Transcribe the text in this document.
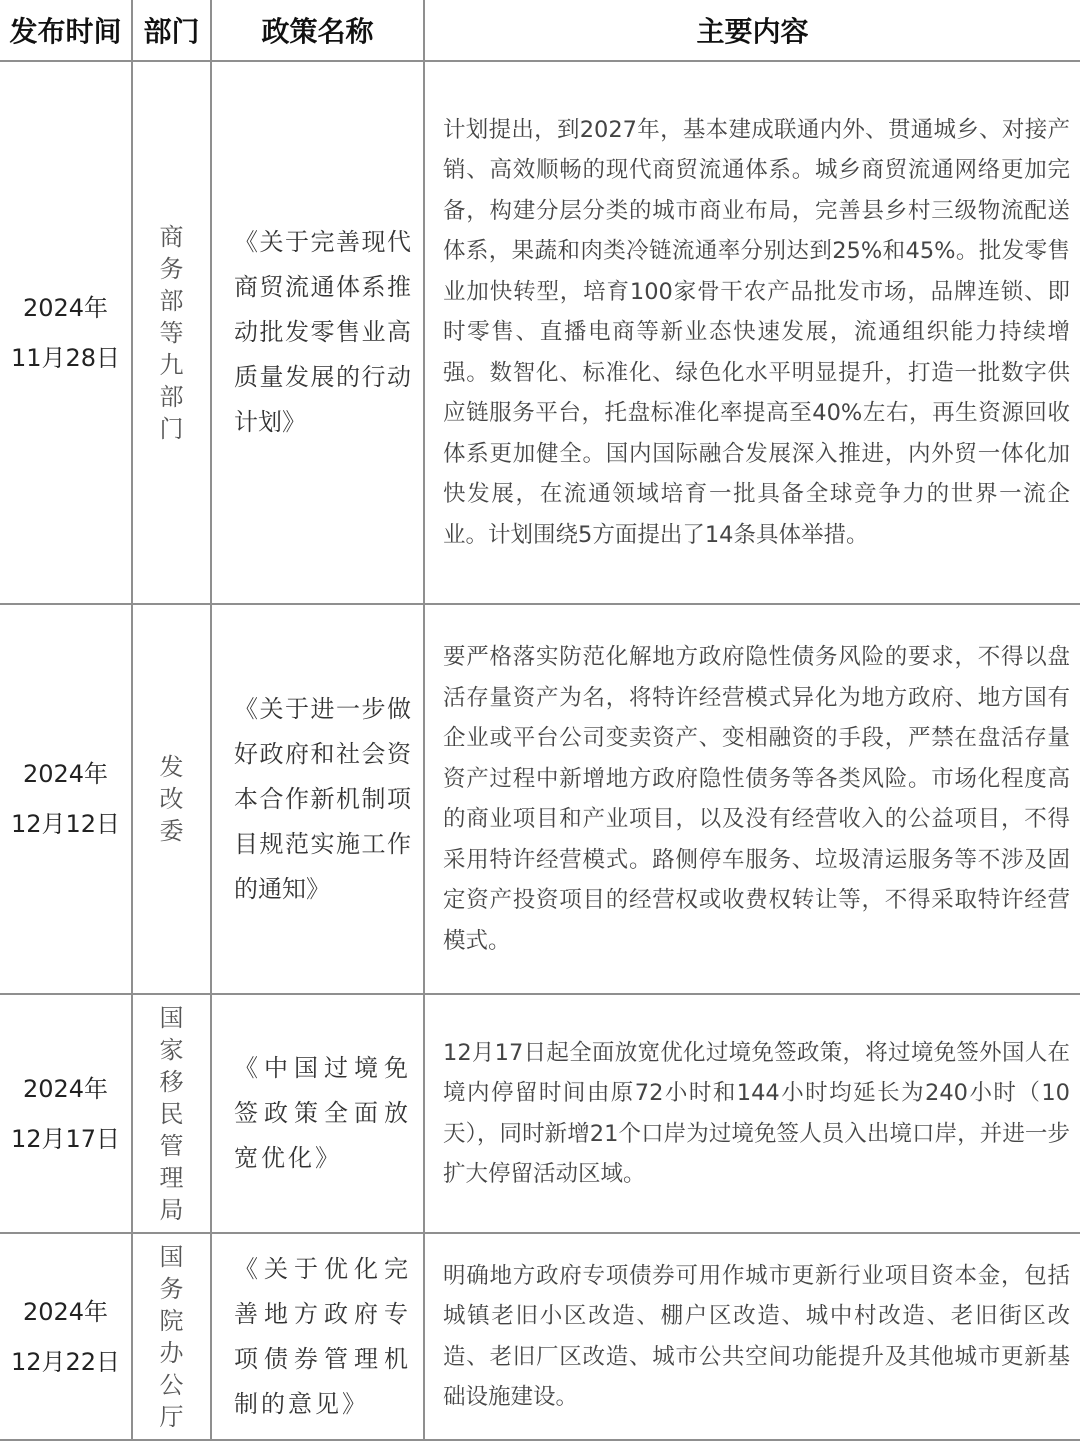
发布时间	部门	政策名称	主要内容

2024年
11月28日	商务部等九部门	《关于完善现代商贸流通体系推动批发零售业高质量发展的行动计划》	计划提出，到2027年，基本建成联通内外、贯通城乡、对接产销、高效顺畅的现代商贸流通体系。城乡商贸流通网络更加完备，构建分层分类的城市商业布局，完善县乡村三级物流配送体系，果蔬和肉类冷链流通率分别达到25%和45%。批发零售业加快转型，培育100家骨干农产品批发市场，品牌连锁、即时零售、直播电商等新业态快速发展，流通组织能力持续增强。数智化、标准化、绿色化水平明显提升，打造一批数字供应链服务平台，托盘标准化率提高至40%左右，再生资源回收体系更加健全。国内国际融合发展深入推进，内外贸一体化加快发展，在流通领域培育一批具备全球竞争力的世界一流企业。计划围绕5方面提出了14条具体举措。

2024年
12月12日	发改委	《关于进一步做好政府和社会资本合作新机制项目规范实施工作的通知》	要严格落实防范化解地方政府隐性债务风险的要求，不得以盘活存量资产为名，将特许经营模式异化为地方政府、地方国有企业或平台公司变卖资产、变相融资的手段，严禁在盘活存量资产过程中新增地方政府隐性债务等各类风险。市场化程度高的商业项目和产业项目，以及没有经营收入的公益项目，不得采用特许经营模式。路侧停车服务、垃圾清运服务等不涉及固定资产投资项目的经营权或收费权转让等，不得采取特许经营模式。

2024年
12月17日	国家移民管理局	《中国过境免签政策全面放宽优化》	12月17日起全面放宽优化过境免签政策，将过境免签外国人在境内停留时间由原72小时和144小时均延长为240小时（10天），同时新增21个口岸为过境免签人员入出境口岸，并进一步扩大停留活动区域。

2024年
12月22日	国务院办公厅	《关于优化完善地方政府专项债券管理机制的意见》	明确地方政府专项债券可用作城市更新行业项目资本金，包括城镇老旧小区改造、棚户区改造、城中村改造、老旧街区改造、老旧厂区改造、城市公共空间功能提升及其他城市更新基础设施建设。
